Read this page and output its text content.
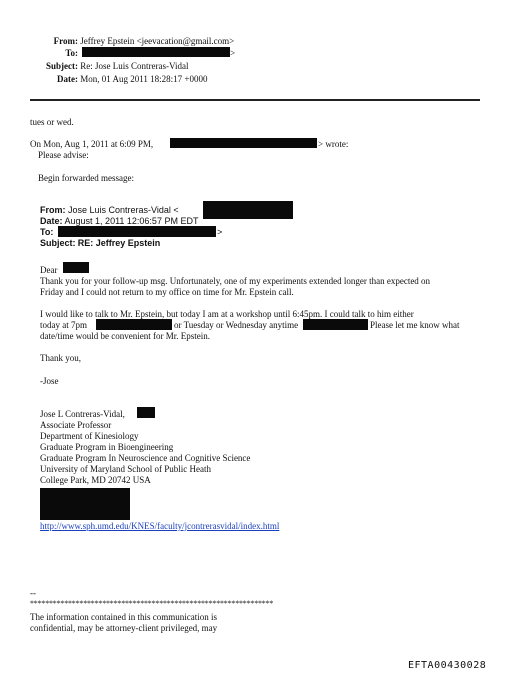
From: Jeffrey Epstein <jeevacation@gmail.com>
To:	>
Subject: Re: Jose Luis Contreras-Vidal
Date: Mon, 01 Aug 2011 18:28:17 +0000
tues or wed.
On Mon, Aug 1, 2011 at 6:09 PM,	> wrote:
Please advise:
Begin forwarded message:
From: Jose Luis Contreras-Vidal <
Date: August 1, 2011 12:06:57 PM EDT
To:	>
Subject: RE: Jeffrey Epstein
Dear
Thank you for your follow-up msg. Unfortunately, one of my experiments extended longer than expected on
Friday and I could not return to my office on time for Mr. Epstein call.
I would like to talk to Mr. Epstein, but today I am at a workshop until 6:45pm. I could talk to him either
today at 7pm	or Tuesday or Wednesday anytime	Please let me know what
date/time would be convenient for Mr. Epstein.
Thank you,
-Jose
Jose L Contreras-Vidal,
Associate Professor
Department of Kinesiology
Graduate Program in Bioengineering
Graduate Program In Neuroscience and Cognitive Science
University of Maryland School of Public Heath
College Park, MD 20742 USA
http://www.sph.umd.edu/KNES/faculty/jcontrerasvidal/index.html
--
****************************************************************
The information contained in this communication is
confidential, may be attorney-client privileged, may
EFTA00430028
